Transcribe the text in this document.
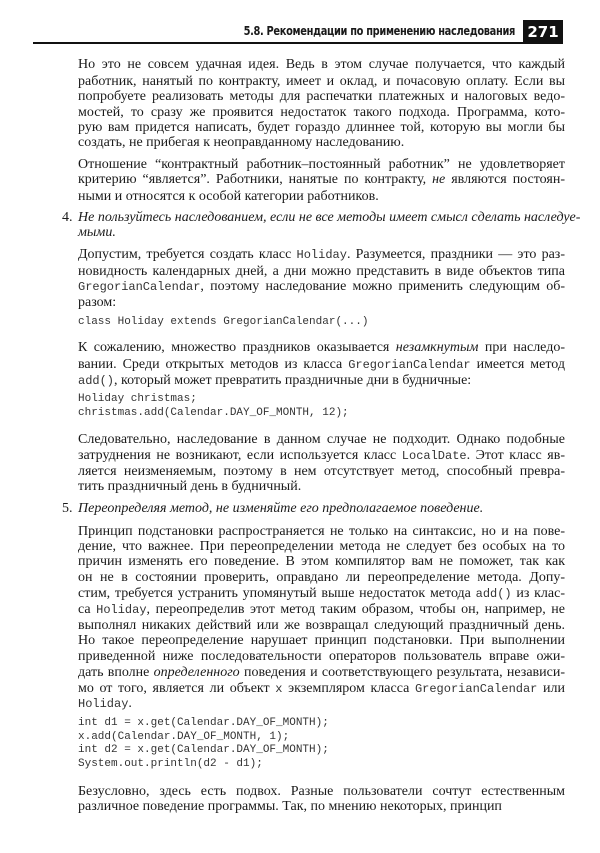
5.8. Рекомендации по применению наследования 271
4.
5.
Но это не совсем удачная идея. Ведь в этом случае получается, что каждый
работник, нанятый по контракту, имеет и оклад, и почасовую оплату. Если вы
попробуете реализовать методы для распечатки платежных и налоговых ведо-
мостей, то сразу же проявится недостаток такого подхода. Программа, кото-
рую вам придется написать, будет гораздо длиннее той, которую вы могли бы
создать, не прибегая к неоправданному наследованию.
Отношение “контрактный работник–постоянный работник” не удовлетворяет
критерию “является”. Работники, нанятые по контракту, не являются постоян-
ными и относятся к особой категории работников.
Не пользуйтесь наследованием, если не все методы имеет смысл сделать наследуе-
мыми.
Допустим, требуется создать класс Holiday. Разумеется, праздники — это раз-
новидность календарных дней, а дни можно представить в виде объектов типа
GregorianCalendar, поэтому наследование можно применить следующим об-
разом:
class Holiday extends GregorianCalendar(...)
К сожалению, множество праздников оказывается незамкнутым при наследо-
вании. Среди открытых методов из класса GregorianCalendar имеется метод
add(), который может превратить праздничные дни в будничные:
Holiday christmas;
christmas.add(Calendar.DAY_OF_MONTH, 12);
Следовательно, наследование в данном случае не подходит. Однако подобные
затруднения не возникают, если используется класс LocalDate. Этот класс яв-
ляется неизменяемым, поэтому в нем отсутствует метод, способный превра-
тить праздничный день в будничный.
Переопределяя метод, не изменяйте его предполагаемое поведение.
Принцип подстановки распространяется не только на синтаксис, но и на пове-
дение, что важнее. При переопределении метода не следует без особых на то
причин изменять его поведение. В этом компилятор вам не поможет, так как
он не в состоянии проверить, оправдано ли переопределение метода. Допу-
стим, требуется устранить упомянутый выше недостаток метода add() из клас-
са Holiday, переопределив этот метод таким образом, чтобы он, например, не
выполнял никаких действий или же возвращал следующий праздничный день.
Но такое переопределение нарушает принцип подстановки. При выполнении
приведенной ниже последовательности операторов пользователь вправе ожи-
дать вполне определенного поведения и соответствующего результата, независи-
мо от того, является ли объект x экземпляром класса GregorianCalendar или
Holiday.
int d1 = x.get(Calendar.DAY_OF_MONTH);
x.add(Calendar.DAY_OF_MONTH, 1);
int d2 = x.get(Calendar.DAY_OF_MONTH);
System.out.println(d2 - d1);
Безусловно, здесь есть подвох. Разные пользователи сочтут естественным
различное поведение программы. Так, по мнению некоторых, принцип
